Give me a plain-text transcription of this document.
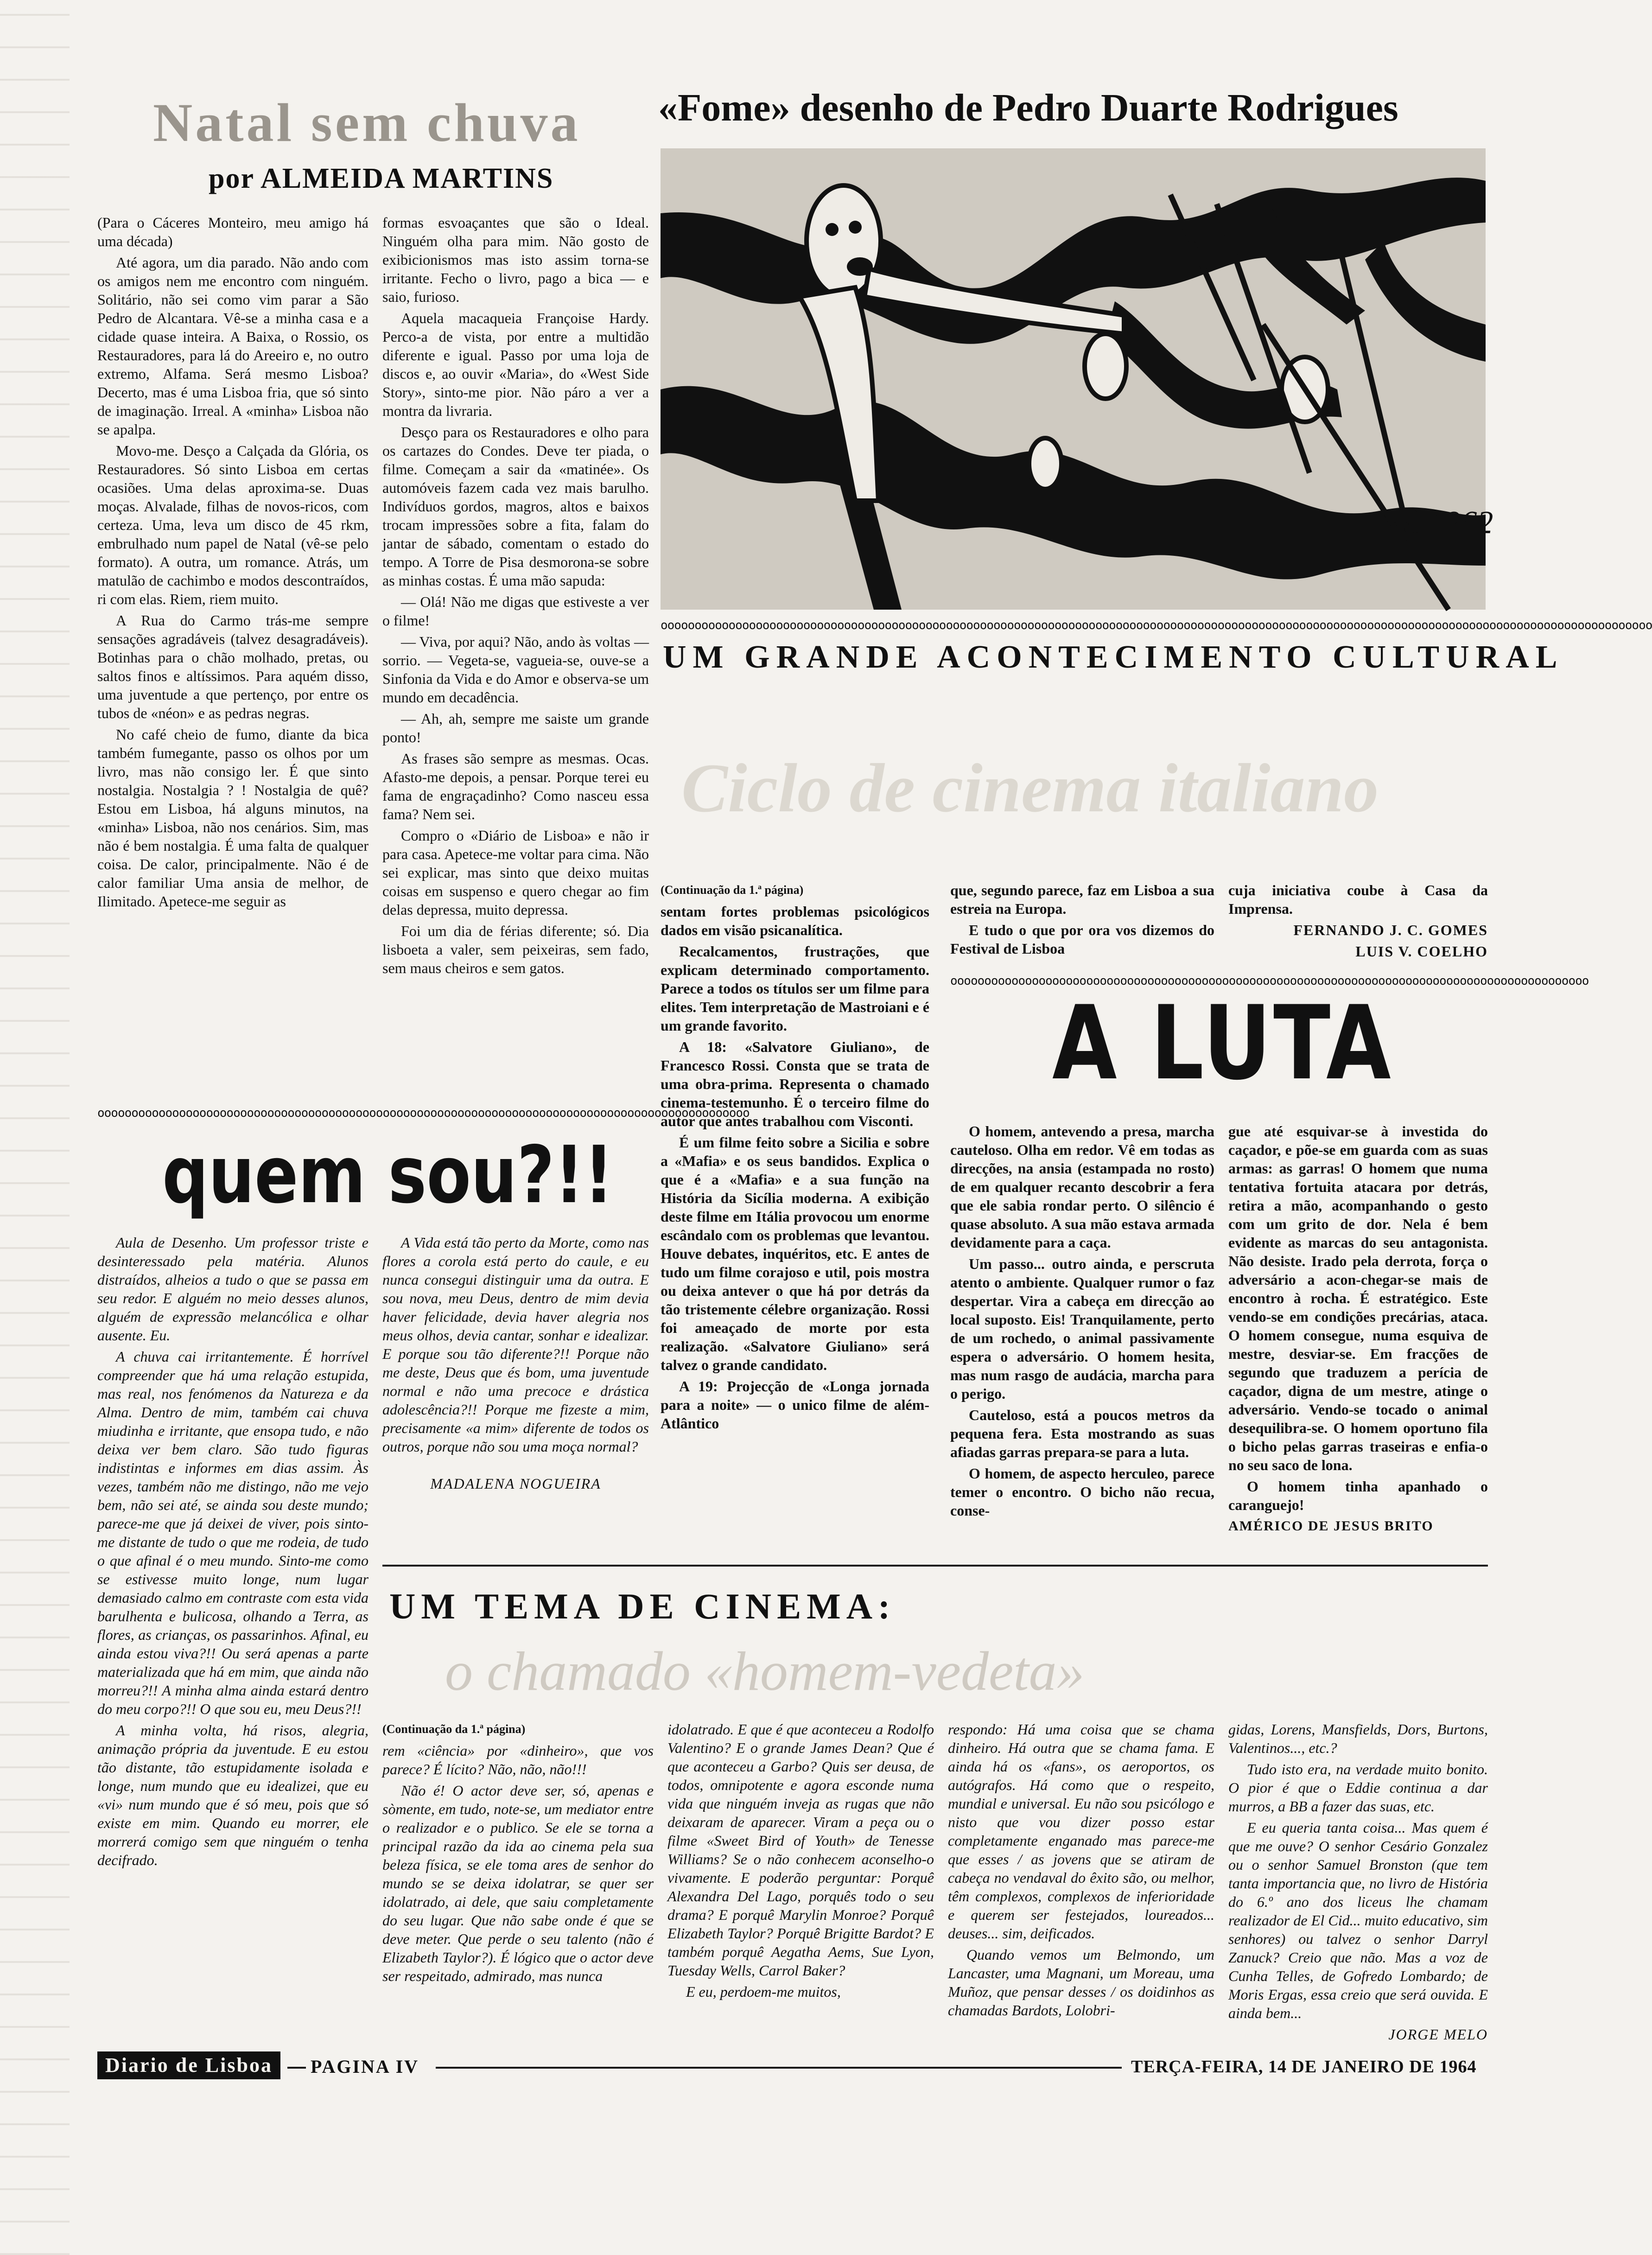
Natal sem chuva
por ALMEIDA MARTINS

(Para o Cáceres Monteiro, meu amigo há uma década)

Até agora, um dia parado. Não ando com os amigos nem me encontro com ninguém. Solitário, não sei como vim parar a São Pedro de Alcantara. Vê-se a minha casa e a cidade quase inteira. A Baixa, o Rossio, os Restauradores, para lá do Areeiro e, no outro extremo, Alfama. Será mesmo Lisboa? Decerto, mas é uma Lisboa fria, que só sinto de imaginação. Irreal. A «minha» Lisboa não se apalpa.

Movo-me. Desço a Calçada da Glória, os Restauradores. Só sinto Lisboa em certas ocasiões. Uma delas aproxima-se. Duas moças. Alvalade, filhas de novos-ricos, com certeza. Uma, leva um disco de 45 rkm, embrulhado num papel de Natal (vê-se pelo formato). A outra, um romance. Atrás, um matulão de cachimbo e modos descontraídos, ri com elas. Riem, riem muito.

A Rua do Carmo trás-me sempre sensações agradáveis (talvez desagradáveis). Botinhas para o chão molhado, pretas, ou saltos finos e altíssimos. Para aquém disso, uma juventude a que pertenço, por entre os tubos de «néon» e as pedras negras.

No café cheio de fumo, diante da bica também fumegante, passo os olhos por um livro, mas não consigo ler. É que sinto nostalgia. Nostalgia ? ! Nostalgia de quê? Estou em Lisboa, há alguns minutos, na «minha» Lisboa, não nos cenários. Sim, mas não é bem nostalgia. É uma falta de qualquer coisa. De calor, principalmente. Não é de calor familiar Uma ansia de melhor, de Ilimitado. Apetece-me seguir as

formas esvoaçantes que são o Ideal. Ninguém olha para mim. Não gosto de exibicionismos mas isto assim torna-se irritante. Fecho o livro, pago a bica — e saio, furioso.

Aquela macaqueia Françoise Hardy. Perco-a de vista, por entre a multidão diferente e igual. Passo por uma loja de discos e, ao ouvir «Maria», do «West Side Story», sinto-me pior. Não páro a ver a montra da livraria.

Desço para os Restauradores e olho para os cartazes do Condes. Deve ter piada, o filme. Começam a sair da «matinée». Os automóveis fazem cada vez mais barulho. Indivíduos gordos, magros, altos e baixos trocam impressões sobre a fita, falam do jantar de sábado, comentam o estado do tempo. A Torre de Pisa desmorona-se sobre as minhas costas. É uma mão sapuda:

— Olá! Não me digas que estiveste a ver o filme!

— Viva, por aqui? Não, ando às voltas — sorrio. — Vegeta-se, vagueia-se, ouve-se a Sinfonia da Vida e do Amor e observa-se um mundo em decadência.

— Ah, ah, sempre me saiste um grande ponto!

As frases são sempre as mesmas. Ocas. Afasto-me depois, a pensar. Porque terei eu fama de engraçadinho? Como nasceu essa fama? Nem sei.

Compro o «Diário de Lisboa» e não ir para casa. Apetece-me voltar para cima. Não sei explicar, mas sinto que deixo muitas coisas em suspenso e quero chegar ao fim delas depressa, muito depressa.

Foi um dia de férias diferente; só. Dia lisboeta a valer, sem peixeiras, sem fado, sem maus cheiros e sem gatos.

«Fome» desenho de Pedro Duarte Rodrigues
Ped 1962
oooooooooooooooooooooooooooooooooooooooooooooooooooooooooooooooooooooooooooooooooooooooooooooooooooooooooooooooooooooooooooooooooooooooooooooooooo
UM GRANDE ACONTECIMENTO CULTURAL
Ciclo de cinema italiano

(Continuação da 1.ª página)

sentam fortes problemas psicológicos dados em visão psicanalítica.

Recalcamentos, frustrações, que explicam determinado comportamento. Parece a todos os títulos ser um filme para elites. Tem interpretação de Mastroiani e é um grande favorito.

A 18: «Salvatore Giuliano», de Francesco Rossi. Consta que se trata de uma obra-prima. Representa o chamado cinema-testemunho. É o terceiro filme do autor que antes trabalhou com Visconti.

É um filme feito sobre a Sicilia e sobre a «Mafia» e os seus bandidos. Explica o que é a «Mafia» e a sua função na História da Sicília moderna. A exibição deste filme em Itália provocou um enorme escândalo com os problemas que levantou. Houve debates, inquéritos, etc. E antes de tudo um filme corajoso e util, pois mostra ou deixa antever o que há por detrás da tão tristemente célebre organização. Rossi foi ameaçado de morte por esta realização. «Salvatore Giuliano» será talvez o grande candidato.

A 19: Projecção de «Longa jornada para a noite» — o unico filme de além-Atlântico

que, segundo parece, faz em Lisboa a sua estreia na Europa.

E tudo o que por ora vos dizemos do Festival de Lisboa

cuja iniciativa coube à Casa da Imprensa.

FERNANDO J. C. GOMES

LUIS V. COELHO

oooooooooooooooooooooooooooooooooooooooooooooooooooooooooooooooooooooooooooooooooooooooooooooo
A LUTA

O homem, antevendo a presa, marcha cauteloso. Olha em redor. Vê em todas as direcções, na ansia (estampada no rosto) de em qualquer recanto descobrir a fera que ele sabia rondar perto. O silêncio é quase absoluto. A sua mão estava armada devidamente para a caça.

Um passo... outro ainda, e perscruta atento o ambiente. Qualquer rumor o faz despertar. Vira a cabeça em direcção ao local suposto. Eis! Tranquilamente, perto de um rochedo, o animal passivamente espera o adversário. O homem hesita, mas num rasgo de audácia, marcha para o perigo.

Cauteloso, está a poucos metros da pequena fera. Esta mostrando as suas afiadas garras prepara-se para a luta.

O homem, de aspecto herculeo, parece temer o encontro. O bicho não recua, conse-

gue até esquivar-se à investida do caçador, e põe-se em guarda com as suas armas: as garras! O homem que numa tentativa fortuita atacara por detrás, retira a mão, acompanhando o gesto com um grito de dor. Nela é bem evidente as marcas do seu antagonista. Não desiste. Irado pela derrota, força o adversário a acon-chegar-se mais de encontro à rocha. É estratégico. Este vendo-se em condições precárias, ataca. O homem consegue, numa esquiva de mestre, desviar-se. Em fracções de segundo que traduzem a perícia de caçador, digna de um mestre, atinge o adversário. Vendo-se tocado o animal desequilibra-se. O homem oportuno fila o bicho pelas garras traseiras e enfia-o no seu saco de lona.

O homem tinha apanhado o caranguejo!

AMÉRICO DE JESUS BRITO

oooooooooooooooooooooooooooooooooooooooooooooooooooooooooooooooooooooooooooooooooooooooooooooooo
quem sou?!!

Aula de Desenho. Um professor triste e desinteressado pela matéria. Alunos distraídos, alheios a tudo o que se passa em seu redor. E alguém no meio desses alunos, alguém de expressão melancólica e olhar ausente. Eu.

A chuva cai irritantemente. É horrível compreender que há uma relação estupida, mas real, nos fenómenos da Natureza e da Alma. Dentro de mim, também cai chuva miudinha e irritante, que ensopa tudo, e não deixa ver bem claro. São tudo figuras indistintas e informes em dias assim. Às vezes, também não me distingo, não me vejo bem, não sei até, se ainda sou deste mundo; parece-me que já deixei de viver, pois sinto-me distante de tudo o que me rodeia, de tudo o que afinal é o meu mundo. Sinto-me como se estivesse muito longe, num lugar demasiado calmo em contraste com esta vida barulhenta e bulicosa, olhando a Terra, as flores, as crianças, os passarinhos. Afinal, eu ainda estou viva?!! Ou será apenas a parte materializada que há em mim, que ainda não morreu?!! A minha alma ainda estará dentro do meu corpo?!! O que sou eu, meu Deus?!!

A minha volta, há risos, alegria, animação própria da juventude. E eu estou tão distante, tão estupidamente isolada e longe, num mundo que eu idealizei, que eu «vi» num mundo que é só meu, pois que só existe em mim. Quando eu morrer, ele morrerá comigo sem que ninguém o tenha decifrado.

A Vida está tão perto da Morte, como nas flores a corola está perto do caule, e eu nunca consegui distinguir uma da outra. E sou nova, meu Deus, dentro de mim devia haver felicidade, devia haver alegria nos meus olhos, devia cantar, sonhar e idealizar. E porque sou tão diferente?!! Porque não me deste, Deus que és bom, uma juventude normal e não uma precoce e drástica adolescência?!! Porque me fizeste a mim, precisamente «a mim» diferente de todos os outros, porque não sou uma moça normal?

MADALENA NOGUEIRA

UM TEMA DE CINEMA:
o chamado «homem-vedeta»

(Continuação da 1.ª página)

rem «ciência» por «dinheiro», que vos parece? É lícito? Não, não, não!!!

Não é! O actor deve ser, só, apenas e sòmente, em tudo, note-se, um mediator entre o realizador e o publico. Se ele se torna a principal razão da ida ao cinema pela sua beleza física, se ele toma ares de senhor do mundo se se deixa idolatrar, se quer ser idolatrado, ai dele, que saiu completamente do seu lugar. Que não sabe onde é que se deve meter. Que perde o seu talento (não é Elizabeth Taylor?). É lógico que o actor deve ser respeitado, admirado, mas nunca

idolatrado. E que é que aconteceu a Rodolfo Valentino? E o grande James Dean? Que é que aconteceu a Garbo? Quis ser deusa, de todos, omnipotente e agora esconde numa vida que ninguém inveja as rugas que não deixaram de aparecer. Viram a peça ou o filme «Sweet Bird of Youth» de Tenesse Williams? Se o não conhecem aconselho-o vivamente. E poderão perguntar: Porquê Alexandra Del Lago, porquês todo o seu drama? E porquê Marylin Monroe? Porquê Elizabeth Taylor? Porquê Brigitte Bardot? E também porquê Aegatha Aems, Sue Lyon, Tuesday Wells, Carrol Baker?

E eu, perdoem-me muitos,

respondo: Há uma coisa que se chama dinheiro. Há outra que se chama fama. E ainda há os «fans», os aeroportos, os autógrafos. Há como que o respeito, mundial e universal. Eu não sou psicólogo e nisto que vou dizer posso estar completamente enganado mas parece-me que esses / as jovens que se atiram de cabeça no vendaval do êxito são, ou melhor, têm complexos, complexos de inferioridade e querem ser festejados, loureados... deuses... sim, deificados.

Quando vemos um Belmondo, um Lancaster, uma Magnani, um Moreau, uma Muñoz, que pensar desses / os doidinhos as chamadas Bardots, Lolobri-

gidas, Lorens, Mansfields, Dors, Burtons, Valentinos..., etc.?

Tudo isto era, na verdade muito bonito. O pior é que o Eddie continua a dar murros, a BB a fazer das suas, etc.

E eu queria tanta coisa... Mas quem é que me ouve? O senhor Cesário Gonzalez ou o senhor Samuel Bronston (que tem tanta importancia que, no livro de História do 6.º ano dos liceus lhe chamam realizador de El Cid... muito educativo, sim senhores) ou talvez o senhor Darryl Zanuck? Creio que não. Mas a voz de Cunha Telles, de Gofredo Lombardo; de Moris Ergas, essa creio que será ouvida. E ainda bem...

JORGE MELO

Diario de Lisboa	PAGINA IV	TERÇA-FEIRA, 14 DE JANEIRO DE 1964
